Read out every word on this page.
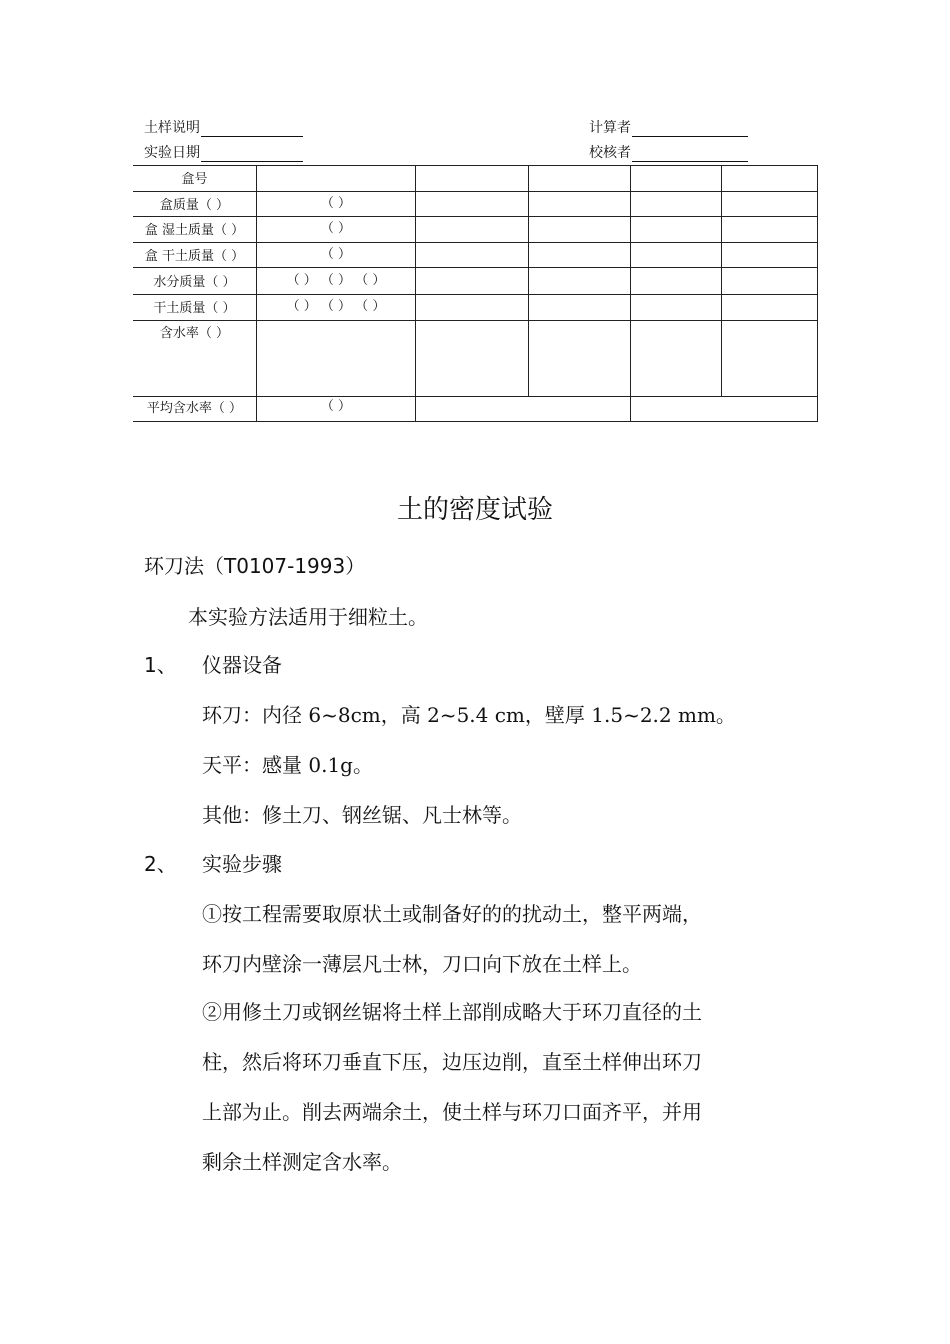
土样说明
实验日期
计算者
校核者
盒号
盒质量（ ）
盒 湿土质量（ ）
盒 干土质量（ ）
水分质量（ ）
干土质量（ ）
含水率（ ）
平均含水率（ ）
（ ）
（ ）
（ ）
（ ） （ ） （ ）
（ ） （ ） （ ）
（ ）
土的密度试验
环刀法（T0107-1993）
本实验方法适用于细粒土。
1、 仪器设备
环刀：内径 6~8cm，高 2~5.4 cm，壁厚 1.5~2.2 mm。
天平：感量 0.1g。
其他：修土刀、钢丝锯、凡士林等。
2、 实验步骤
①按工程需要取原状土或制备好的的扰动土，整平两端，
环刀内壁涂一薄层凡士林，刀口向下放在土样上。
②用修土刀或钢丝锯将土样上部削成略大于环刀直径的土
柱，然后将环刀垂直下压，边压边削，直至土样伸出环刀
上部为止。削去两端余土，使土样与环刀口面齐平，并用
剩余土样测定含水率。
